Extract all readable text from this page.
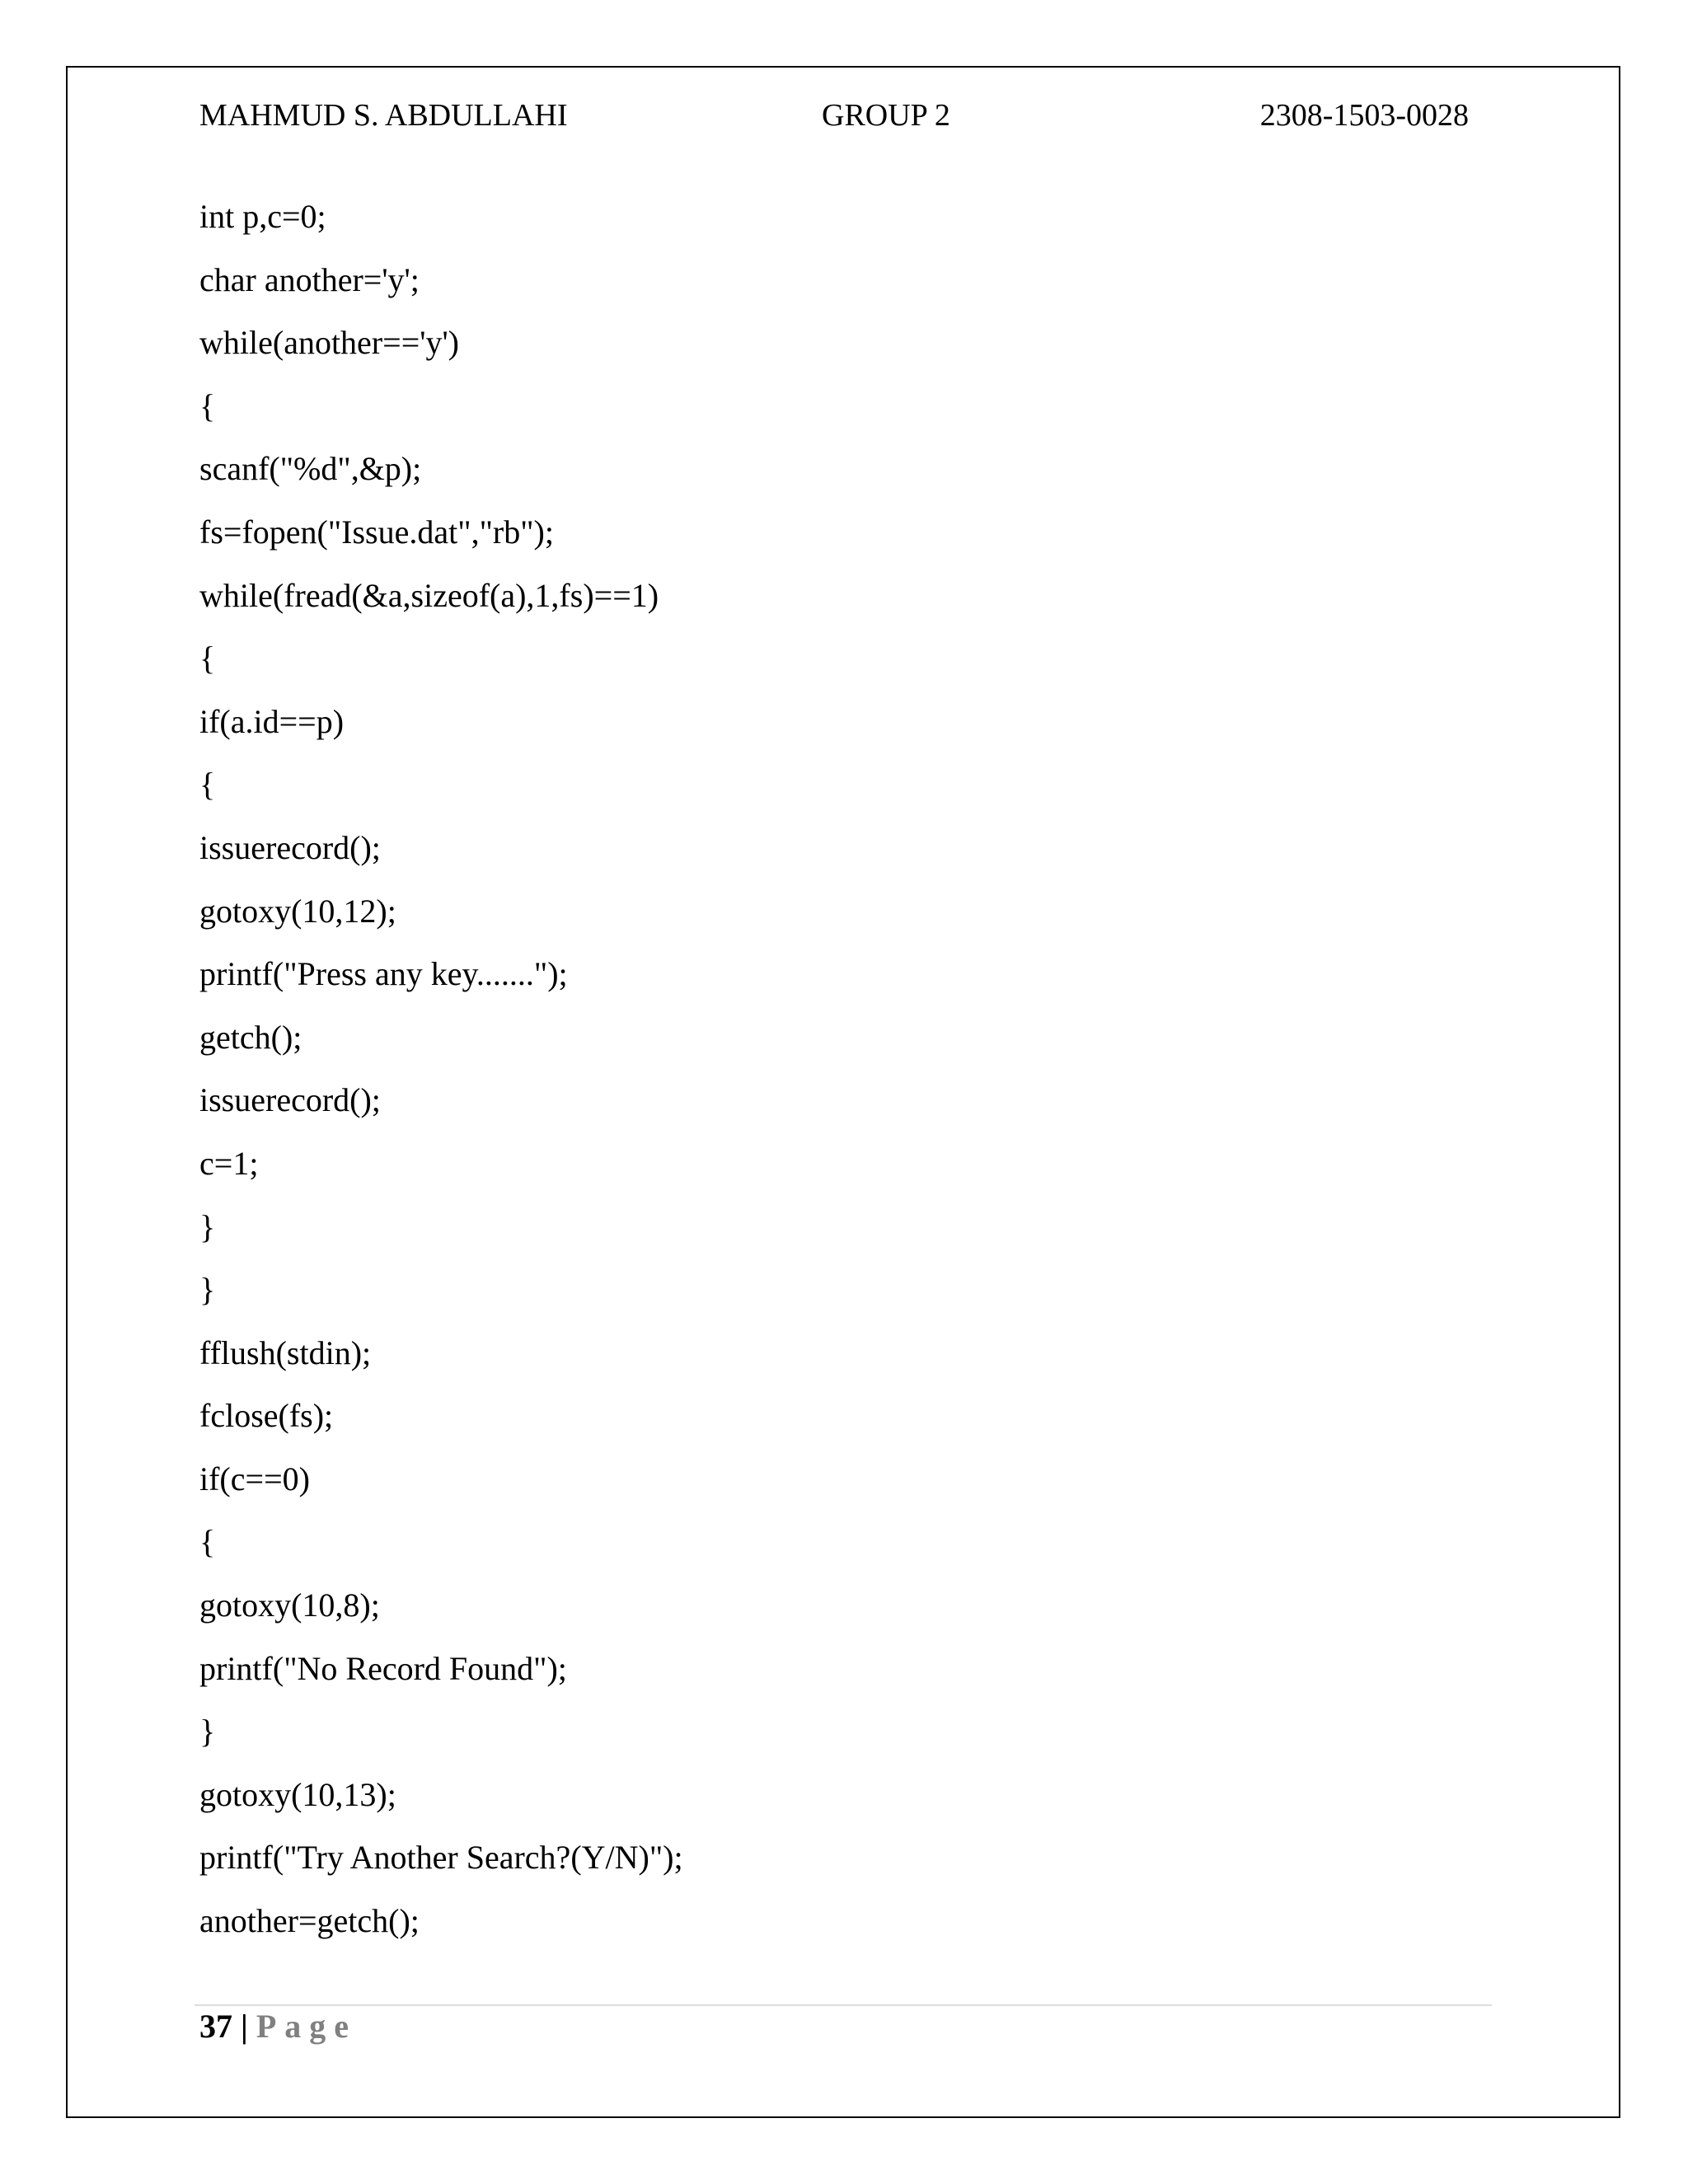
MAHMUD S. ABDULLAHI	GROUP 2	2308-1503-0028
int p,c=0;
char another='y';
while(another=='y')
{
scanf("%d",&p);
fs=fopen("Issue.dat","rb");
while(fread(&a,sizeof(a),1,fs)==1)
{
if(a.id==p)
{
issuerecord();
gotoxy(10,12);
printf("Press any key.......");
getch();
issuerecord();
c=1;
}
}
fflush(stdin);
fclose(fs);
if(c==0)
{
gotoxy(10,8);
printf("No Record Found");
}
gotoxy(10,13);
printf("Try Another Search?(Y/N)");
another=getch();
37 | Page
